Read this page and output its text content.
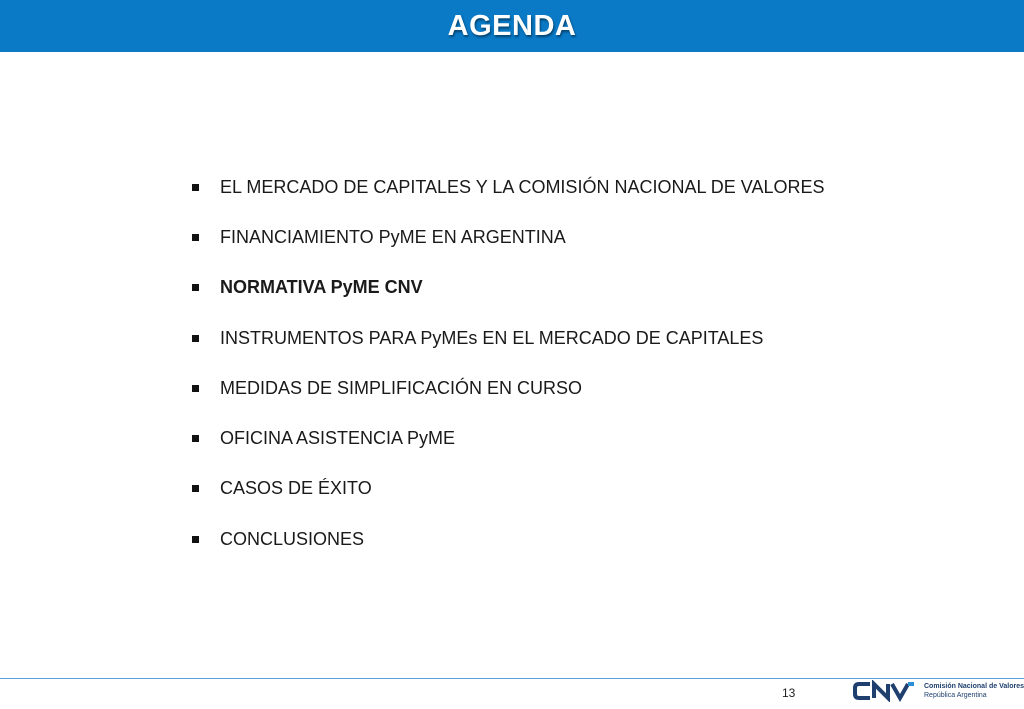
AGENDA
EL MERCADO DE CAPITALES Y LA COMISIÓN NACIONAL DE VALORES
FINANCIAMIENTO PyME EN ARGENTINA
NORMATIVA PyME CNV
INSTRUMENTOS PARA PyMEs EN EL MERCADO DE CAPITALES
MEDIDAS DE SIMPLIFICACIÓN EN CURSO
OFICINA ASISTENCIA PyME
CASOS DE ÉXITO
CONCLUSIONES
13	Comisión Nacional de Valores
República Argentina
